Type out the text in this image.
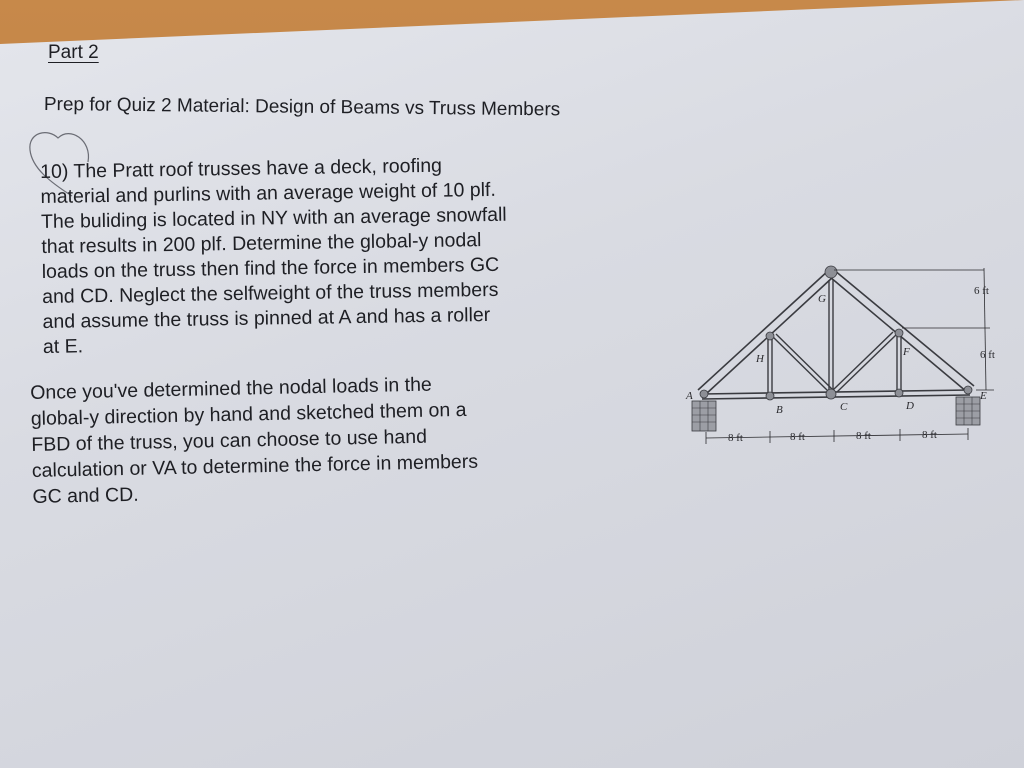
Part 2

Prep for Quiz 2 Material: Design of Beams vs Truss Members

10) The Pratt roof trusses have a deck, roofing
material and purlins with an average weight of 10 plf.
The buliding is located in NY with an average snowfall
that results in 200 plf. Determine the global-y nodal
loads on the truss then find the force in members GC
and CD. Neglect the selfweight of the truss members
and assume the truss is pinned at A and has a roller
at E.
Once you've determined the nodal loads in the
global-y direction by hand and sketched them on a
FBD of the truss, you can choose to use hand
calculation or VA to determine the force in members
GC and CD.
A
B	C	D
E
F
G
H
8 ft	8 ft	8 ft	8 ft
6 ft
6 ft
